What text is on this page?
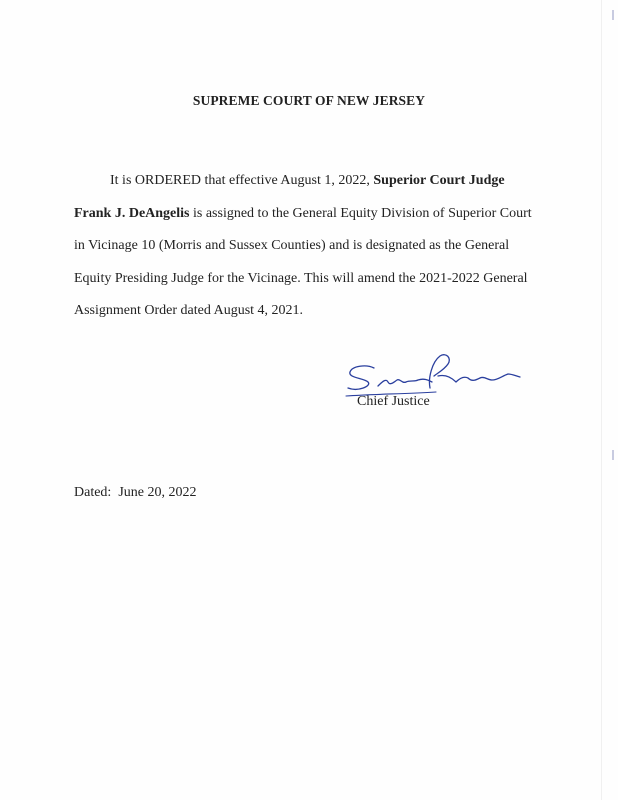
SUPREME COURT OF NEW JERSEY
It is ORDERED that effective August 1, 2022, Superior Court Judge
Frank J. DeAngelis is assigned to the General Equity Division of Superior Court
in Vicinage 10 (Morris and Sussex Counties) and is designated as the General
Equity Presiding Judge for the Vicinage. This will amend the 2021-2022 General
Assignment Order dated August 4, 2021.
Chief Justice
Dated: June 20, 2022
